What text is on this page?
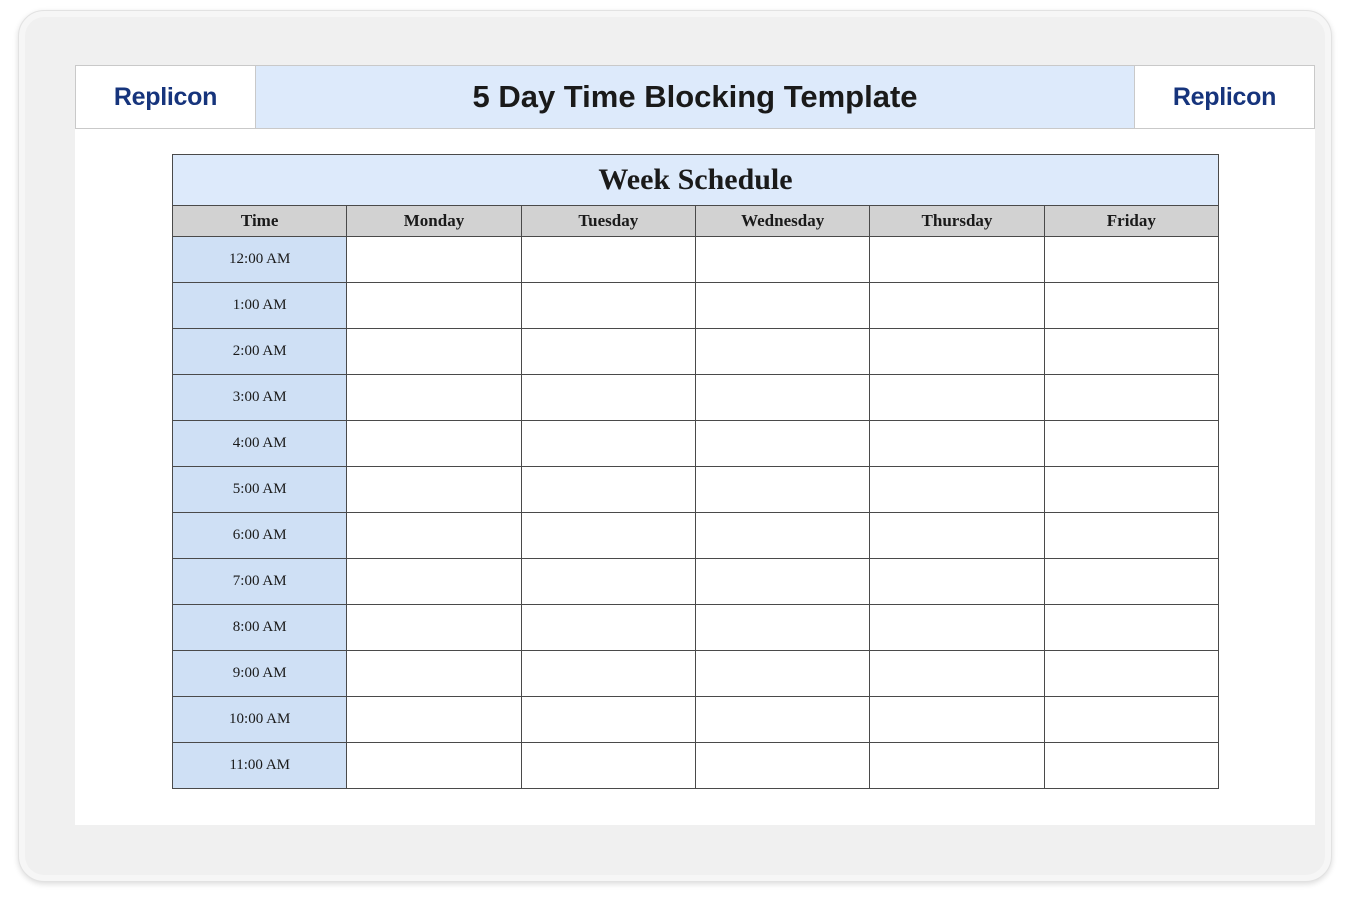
Replicon	5 Day Time Blocking Template	Replicon
Week Schedule					
Time	Monday	Tuesday	Wednesday	Thursday	Friday
12:00 AM					
1:00 AM					
2:00 AM					
3:00 AM					
4:00 AM					
5:00 AM					
6:00 AM					
7:00 AM					
8:00 AM					
9:00 AM					
10:00 AM					
11:00 AM					
